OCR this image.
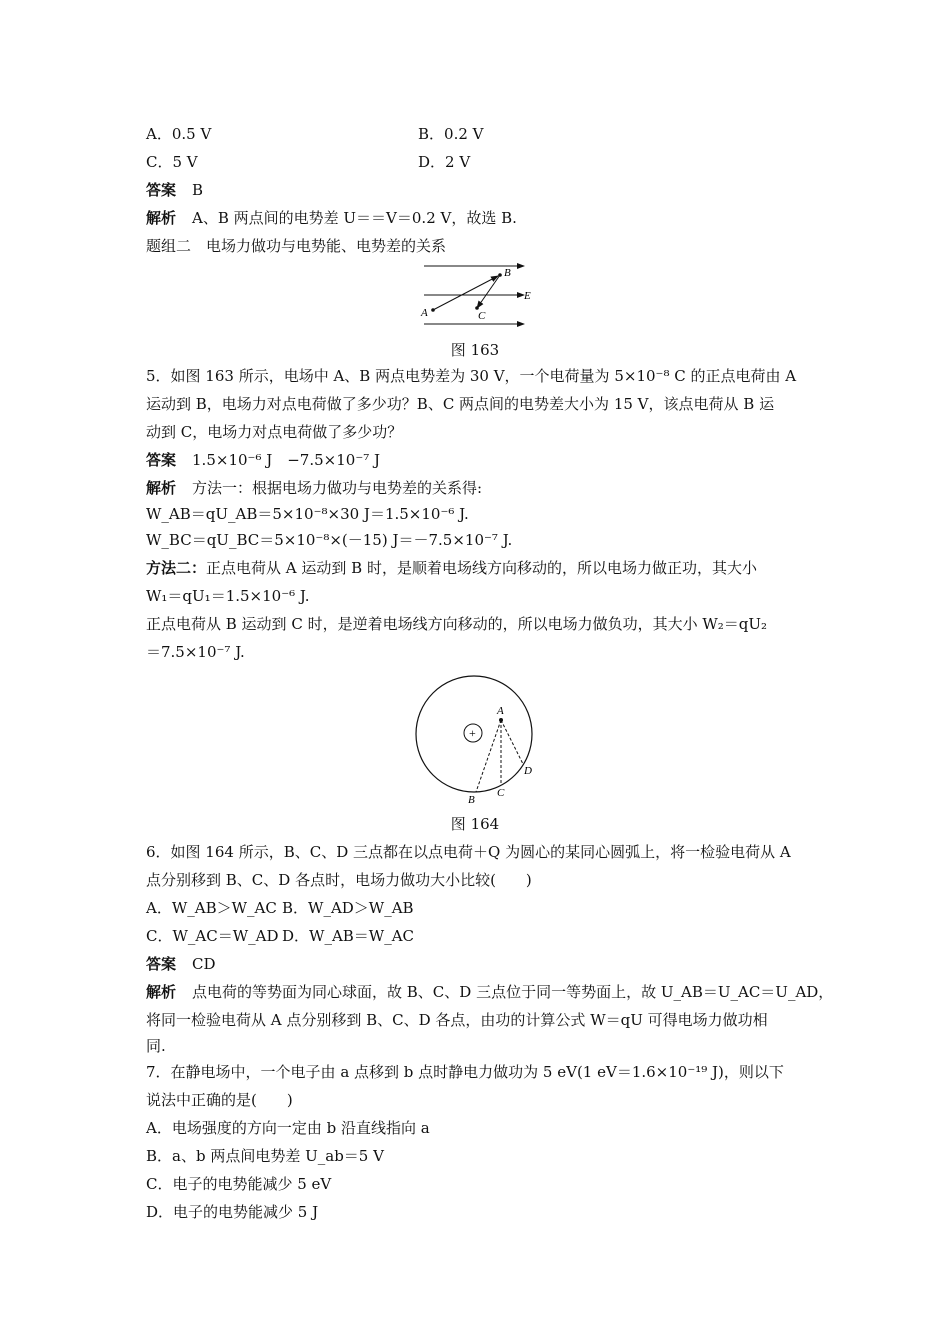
A．0.5 V	B．0.2 V
C．5 V	D．2 V
答案 B
解析 A、B 两点间的电势差 U＝＝V＝0.2 V，故选 B.
题组二　电场力做功与电势能、电势差的关系
A
B
C
E
图 163
5．如图 163 所示，电场中 A、B 两点电势差为 30 V，一个电荷量为 5×10⁻⁸ C 的正点电荷由 A
运动到 B，电场力对点电荷做了多少功？B、C 两点间的电势差大小为 15 V，该点电荷从 B 运
动到 C，电场力对点电荷做了多少功？
答案 1.5×10⁻⁶ J　−7.5×10⁻⁷ J
解析 方法一：根据电场力做功与电势差的关系得:
W_AB＝qU_AB＝5×10⁻⁸×30 J＝1.5×10⁻⁶ J.
W_BC＝qU_BC＝5×10⁻⁸×(－15) J＝－7.5×10⁻⁷ J.
方法二：正点电荷从 A 运动到 B 时，是顺着电场线方向移动的，所以电场力做正功，其大小
W₁＝qU₁＝1.5×10⁻⁶ J.
正点电荷从 B 运动到 C 时，是逆着电场线方向移动的，所以电场力做负功，其大小 W₂＝qU₂
＝7.5×10⁻⁷ J.
+
A
B
C
D
图 164
6．如图 164 所示，B、C、D 三点都在以点电荷＋Q 为圆心的某同心圆弧上，将一检验电荷从 A
点分别移到 B、C、D 各点时，电场力做功大小比较(　　)
A．W_AB＞W_AC B．W_AD＞W_AB
C．W_AC＝W_AD D．W_AB＝W_AC
答案 CD
解析 点电荷的等势面为同心球面，故 B、C、D 三点位于同一等势面上，故 U_AB＝U_AC＝U_AD，
将同一检验电荷从 A 点分别移到 B、C、D 各点，由功的计算公式 W＝qU 可得电场力做功相
同.
7．在静电场中，一个电子由 a 点移到 b 点时静电力做功为 5 eV(1 eV＝1.6×10⁻¹⁹ J)，则以下
说法中正确的是(　　)
A．电场强度的方向一定由 b 沿直线指向 a
B．a、b 两点间电势差 U_ab＝5 V
C．电子的电势能减少 5 eV
D．电子的电势能减少 5 J
